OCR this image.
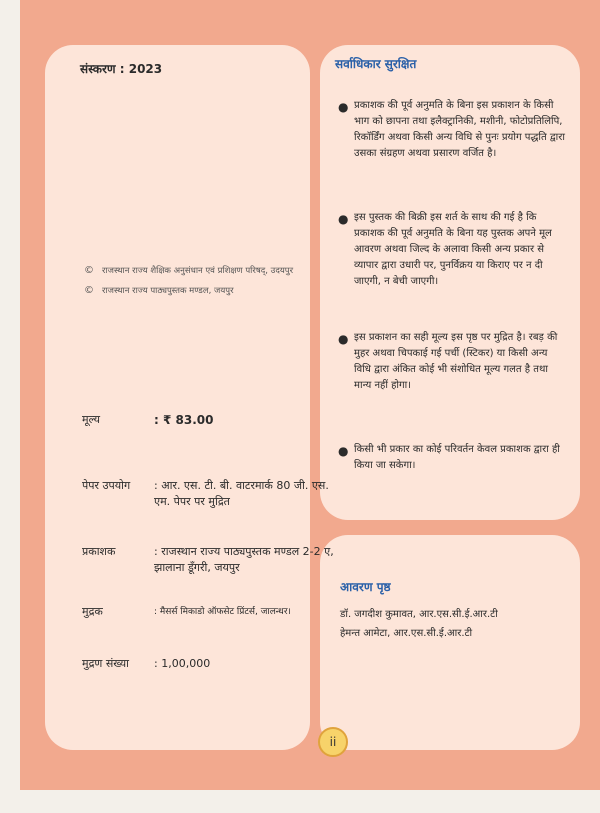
संस्करण : 2023
© राजस्थान राज्य शैक्षिक अनुसंधान एवं प्रशिक्षण परिषद्, उदयपुर
© राजस्थान राज्य पाठ्यपुस्तक मण्डल, जयपुर
मूल्य	: ₹ 83.00
पेपर उपयोग	: आर. एस. टी. बी. वाटरमार्क 80 जी. एस. एम. पेपर पर मुद्रित
प्रकाशक	: राजस्थान राज्य पाठ्यपुस्तक मण्डल 2-2 ए, झालाना डूँगरी, जयपुर
मुद्रक	: मैसर्स मिकाडो ऑफसेट प्रिंटर्स, जालन्धर।
मुद्रण संख्या	: 1,00,000
सर्वाधिकार सुरक्षित
● प्रकाशक की पूर्व अनुमति के बिना इस प्रकाशन के किसी भाग को छापना तथा इलैक्ट्रानिकी, मशीनी, फोटोप्रतिलिपि, रिकॉर्डिंग अथवा किसी अन्य विधि से पुनः प्रयोग पद्धति द्वारा उसका संग्रहण अथवा प्रसारण वर्जित है।
● इस पुस्तक की बिक्री इस शर्त के साथ की गई है कि प्रकाशक की पूर्व अनुमति के बिना यह पुस्तक अपने मूल आवरण अथवा जिल्द के अलावा किसी अन्य प्रकार से व्यापार द्वारा उधारी पर, पुनर्विक्रय या किराए पर न दी जाएगी, न बेची जाएगी।
● इस प्रकाशन का सही मूल्य इस पृष्ठ पर मुद्रित है। रबड़ की मुहर अथवा चिपकाई गई पर्ची (स्टिकर) या किसी अन्य विधि द्वारा अंकित कोई भी संशोधित मूल्य गलत है तथा मान्य नहीं होगा।
● किसी भी प्रकार का कोई परिवर्तन केवल प्रकाशक द्वारा ही किया जा सकेगा।
आवरण पृष्ठ
डॉ. जगदीश कुमावत, आर.एस.सी.ई.आर.टी
हेमन्त आमेटा, आर.एस.सी.ई.आर.टी
ii
